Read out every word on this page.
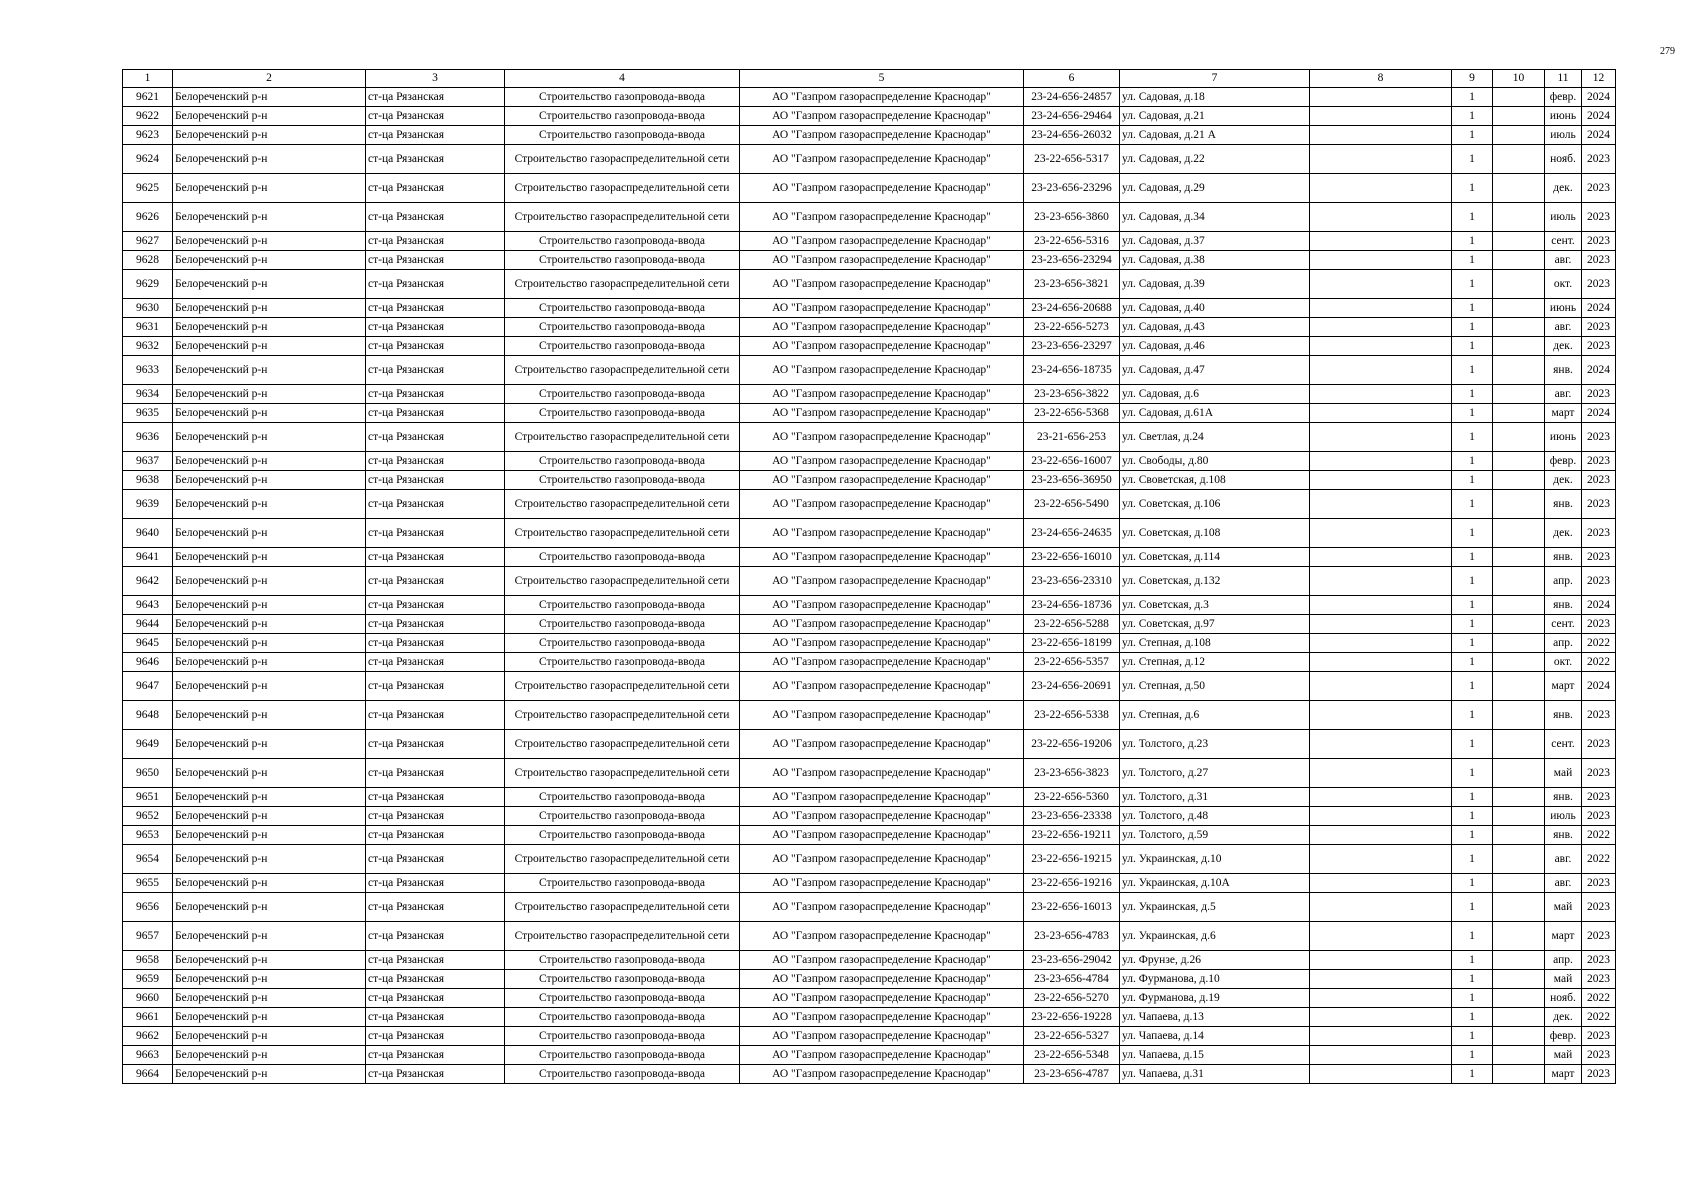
279
1	2	3	4	5	6	7	8	9	10	11	12
9621	Белореченский р-н	ст-ца Рязанская	Строительство газопровода-ввода	АО "Газпром газораспределение Краснодар"	23-24-656-24857	ул. Садовая, д.18		1		февр.	2024
9622	Белореченский р-н	ст-ца Рязанская	Строительство газопровода-ввода	АО "Газпром газораспределение Краснодар"	23-24-656-29464	ул. Садовая, д.21		1		июнь	2024
9623	Белореченский р-н	ст-ца Рязанская	Строительство газопровода-ввода	АО "Газпром газораспределение Краснодар"	23-24-656-26032	ул. Садовая, д.21 А		1		июль	2024
9624	Белореченский р-н	ст-ца Рязанская	Строительство газораспределительной сети	АО "Газпром газораспределение Краснодар"	23-22-656-5317	ул. Садовая, д.22		1		нояб.	2023
9625	Белореченский р-н	ст-ца Рязанская	Строительство газораспределительной сети	АО "Газпром газораспределение Краснодар"	23-23-656-23296	ул. Садовая, д.29		1		дек.	2023
9626	Белореченский р-н	ст-ца Рязанская	Строительство газораспределительной сети	АО "Газпром газораспределение Краснодар"	23-23-656-3860	ул. Садовая, д.34		1		июль	2023
9627	Белореченский р-н	ст-ца Рязанская	Строительство газопровода-ввода	АО "Газпром газораспределение Краснодар"	23-22-656-5316	ул. Садовая, д.37		1		сент.	2023
9628	Белореченский р-н	ст-ца Рязанская	Строительство газопровода-ввода	АО "Газпром газораспределение Краснодар"	23-23-656-23294	ул. Садовая, д.38		1		авг.	2023
9629	Белореченский р-н	ст-ца Рязанская	Строительство газораспределительной сети	АО "Газпром газораспределение Краснодар"	23-23-656-3821	ул. Садовая, д.39		1		окт.	2023
9630	Белореченский р-н	ст-ца Рязанская	Строительство газопровода-ввода	АО "Газпром газораспределение Краснодар"	23-24-656-20688	ул. Садовая, д.40		1		июнь	2024
9631	Белореченский р-н	ст-ца Рязанская	Строительство газопровода-ввода	АО "Газпром газораспределение Краснодар"	23-22-656-5273	ул. Садовая, д.43		1		авг.	2023
9632	Белореченский р-н	ст-ца Рязанская	Строительство газопровода-ввода	АО "Газпром газораспределение Краснодар"	23-23-656-23297	ул. Садовая, д.46		1		дек.	2023
9633	Белореченский р-н	ст-ца Рязанская	Строительство газораспределительной сети	АО "Газпром газораспределение Краснодар"	23-24-656-18735	ул. Садовая, д.47		1		янв.	2024
9634	Белореченский р-н	ст-ца Рязанская	Строительство газопровода-ввода	АО "Газпром газораспределение Краснодар"	23-23-656-3822	ул. Садовая, д.6		1		авг.	2023
9635	Белореченский р-н	ст-ца Рязанская	Строительство газопровода-ввода	АО "Газпром газораспределение Краснодар"	23-22-656-5368	ул. Садовая, д.61А		1		март	2024
9636	Белореченский р-н	ст-ца Рязанская	Строительство газораспределительной сети	АО "Газпром газораспределение Краснодар"	23-21-656-253	ул. Светлая, д.24		1		июнь	2023
9637	Белореченский р-н	ст-ца Рязанская	Строительство газопровода-ввода	АО "Газпром газораспределение Краснодар"	23-22-656-16007	ул. Свободы, д.80		1		февр.	2023
9638	Белореченский р-н	ст-ца Рязанская	Строительство газопровода-ввода	АО "Газпром газораспределение Краснодар"	23-23-656-36950	ул. Своветская, д.108		1		дек.	2023
9639	Белореченский р-н	ст-ца Рязанская	Строительство газораспределительной сети	АО "Газпром газораспределение Краснодар"	23-22-656-5490	ул. Советская, д.106		1		янв.	2023
9640	Белореченский р-н	ст-ца Рязанская	Строительство газораспределительной сети	АО "Газпром газораспределение Краснодар"	23-24-656-24635	ул. Советская, д.108		1		дек.	2023
9641	Белореченский р-н	ст-ца Рязанская	Строительство газопровода-ввода	АО "Газпром газораспределение Краснодар"	23-22-656-16010	ул. Советская, д.114		1		янв.	2023
9642	Белореченский р-н	ст-ца Рязанская	Строительство газораспределительной сети	АО "Газпром газораспределение Краснодар"	23-23-656-23310	ул. Советская, д.132		1		апр.	2023
9643	Белореченский р-н	ст-ца Рязанская	Строительство газопровода-ввода	АО "Газпром газораспределение Краснодар"	23-24-656-18736	ул. Советская, д.3		1		янв.	2024
9644	Белореченский р-н	ст-ца Рязанская	Строительство газопровода-ввода	АО "Газпром газораспределение Краснодар"	23-22-656-5288	ул. Советская, д.97		1		сент.	2023
9645	Белореченский р-н	ст-ца Рязанская	Строительство газопровода-ввода	АО "Газпром газораспределение Краснодар"	23-22-656-18199	ул. Степная, д.108		1		апр.	2022
9646	Белореченский р-н	ст-ца Рязанская	Строительство газопровода-ввода	АО "Газпром газораспределение Краснодар"	23-22-656-5357	ул. Степная, д.12		1		окт.	2022
9647	Белореченский р-н	ст-ца Рязанская	Строительство газораспределительной сети	АО "Газпром газораспределение Краснодар"	23-24-656-20691	ул. Степная, д.50		1		март	2024
9648	Белореченский р-н	ст-ца Рязанская	Строительство газораспределительной сети	АО "Газпром газораспределение Краснодар"	23-22-656-5338	ул. Степная, д.6		1		янв.	2023
9649	Белореченский р-н	ст-ца Рязанская	Строительство газораспределительной сети	АО "Газпром газораспределение Краснодар"	23-22-656-19206	ул. Толстого, д.23		1		сент.	2023
9650	Белореченский р-н	ст-ца Рязанская	Строительство газораспределительной сети	АО "Газпром газораспределение Краснодар"	23-23-656-3823	ул. Толстого, д.27		1		май	2023
9651	Белореченский р-н	ст-ца Рязанская	Строительство газопровода-ввода	АО "Газпром газораспределение Краснодар"	23-22-656-5360	ул. Толстого, д.31		1		янв.	2023
9652	Белореченский р-н	ст-ца Рязанская	Строительство газопровода-ввода	АО "Газпром газораспределение Краснодар"	23-23-656-23338	ул. Толстого, д.48		1		июль	2023
9653	Белореченский р-н	ст-ца Рязанская	Строительство газопровода-ввода	АО "Газпром газораспределение Краснодар"	23-22-656-19211	ул. Толстого, д.59		1		янв.	2022
9654	Белореченский р-н	ст-ца Рязанская	Строительство газораспределительной сети	АО "Газпром газораспределение Краснодар"	23-22-656-19215	ул. Украинская, д.10		1		авг.	2022
9655	Белореченский р-н	ст-ца Рязанская	Строительство газопровода-ввода	АО "Газпром газораспределение Краснодар"	23-22-656-19216	ул. Украинская, д.10А		1		авг.	2023
9656	Белореченский р-н	ст-ца Рязанская	Строительство газораспределительной сети	АО "Газпром газораспределение Краснодар"	23-22-656-16013	ул. Украинская, д.5		1		май	2023
9657	Белореченский р-н	ст-ца Рязанская	Строительство газораспределительной сети	АО "Газпром газораспределение Краснодар"	23-23-656-4783	ул. Украинская, д.6		1		март	2023
9658	Белореченский р-н	ст-ца Рязанская	Строительство газопровода-ввода	АО "Газпром газораспределение Краснодар"	23-23-656-29042	ул. Фрунзе, д.26		1		апр.	2023
9659	Белореченский р-н	ст-ца Рязанская	Строительство газопровода-ввода	АО "Газпром газораспределение Краснодар"	23-23-656-4784	ул. Фурманова, д.10		1		май	2023
9660	Белореченский р-н	ст-ца Рязанская	Строительство газопровода-ввода	АО "Газпром газораспределение Краснодар"	23-22-656-5270	ул. Фурманова, д.19		1		нояб.	2022
9661	Белореченский р-н	ст-ца Рязанская	Строительство газопровода-ввода	АО "Газпром газораспределение Краснодар"	23-22-656-19228	ул. Чапаева, д.13		1		дек.	2022
9662	Белореченский р-н	ст-ца Рязанская	Строительство газопровода-ввода	АО "Газпром газораспределение Краснодар"	23-22-656-5327	ул. Чапаева, д.14		1		февр.	2023
9663	Белореченский р-н	ст-ца Рязанская	Строительство газопровода-ввода	АО "Газпром газораспределение Краснодар"	23-22-656-5348	ул. Чапаева, д.15		1		май	2023
9664	Белореченский р-н	ст-ца Рязанская	Строительство газопровода-ввода	АО "Газпром газораспределение Краснодар"	23-23-656-4787	ул. Чапаева, д.31		1		март	2023
